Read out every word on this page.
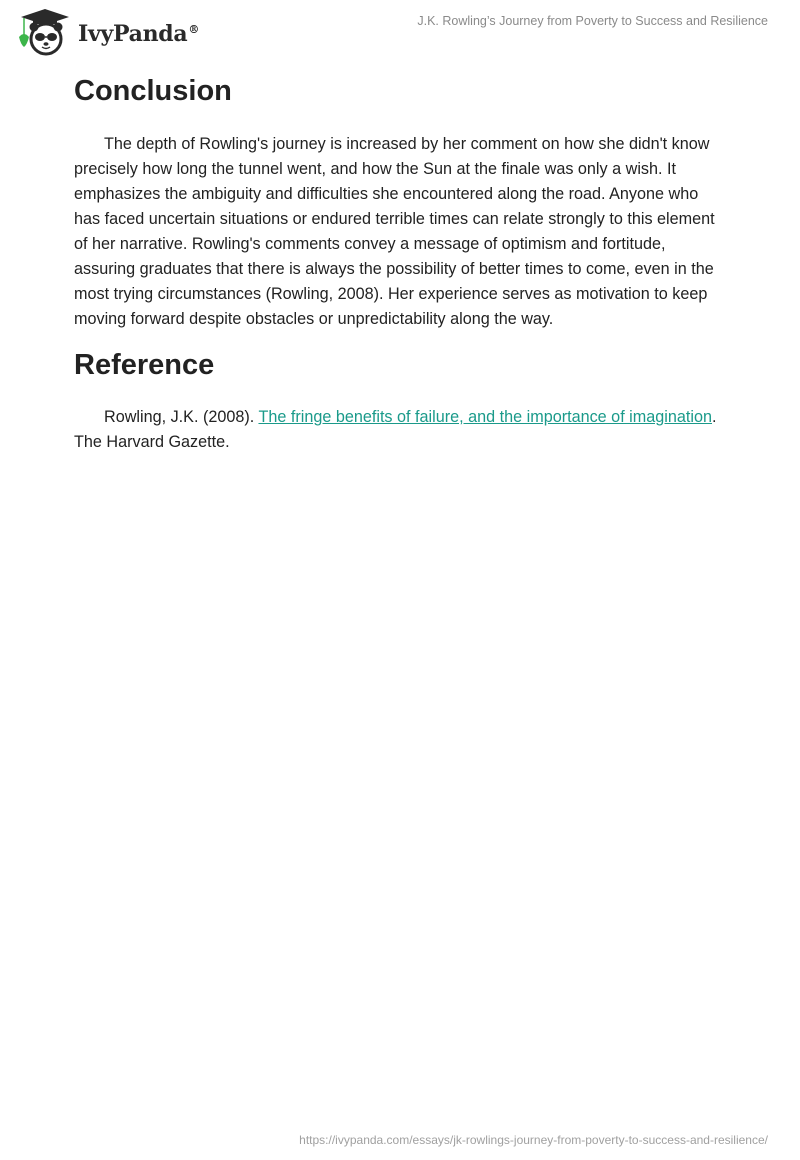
IvyPanda®
J.K. Rowling’s Journey from Poverty to Success and Resilience
Conclusion

The depth of Rowling's journey is increased by her comment on how she didn't know precisely how long the tunnel went, and how the Sun at the finale was only a wish. It emphasizes the ambiguity and difficulties she encountered along the road. Anyone who has faced uncertain situations or endured terrible times can relate strongly to this element of her narrative. Rowling's comments convey a message of optimism and fortitude, assuring graduates that there is always the possibility of better times to come, even in the most trying circumstances (Rowling, 2008). Her experience serves as motivation to keep moving forward despite obstacles or unpredictability along the way.

Reference

Rowling, J.K. (2008). The fringe benefits of failure, and the importance of imagination. The Harvard Gazette.

https://ivypanda.com/essays/jk-rowlings-journey-from-poverty-to-success-and-resilience/
